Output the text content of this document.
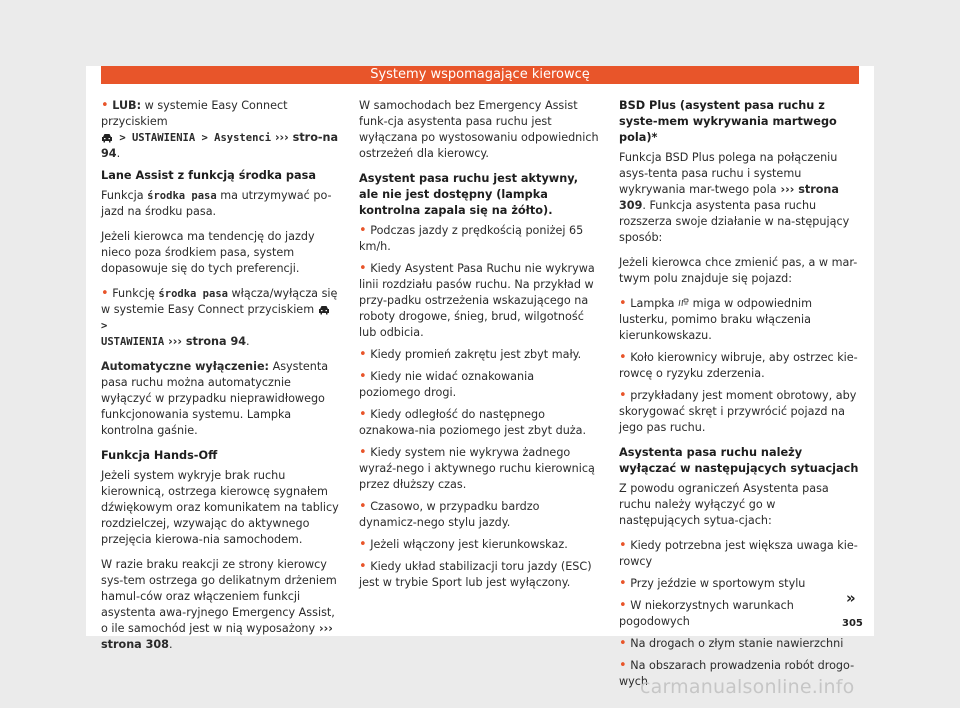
Systemy wspomagające kierowcę

• LUB: w systemie Easy Connect przyciskiem
> USTAWIENIA > Asystenci ››› stro-na 94.

Lane Assist z funkcją środka pasa

Funkcja środka pasa ma utrzymywać po-jazd na środku pasa.

Jeżeli kierowca ma tendencję do jazdy nieco poza środkiem pasa, system dopasowuje się do tych preferencji.

• Funkcję środka pasa włącza/wyłącza się w systemie Easy Connect przyciskiem  >
USTAWIENIA ››› strona 94.

Automatyczne wyłączenie: Asystenta pasa ruchu można automatycznie wyłączyć w przypadku nieprawidłowego funkcjonowania systemu. Lampka kontrolna gaśnie.

Funkcja Hands-Off

Jeżeli system wykryje brak ruchu kierownicą, ostrzega kierowcę sygnałem dźwiękowym oraz komunikatem na tablicy rozdzielczej, wzywając do aktywnego przejęcia kierowa-nia samochodem.

W razie braku reakcji ze strony kierowcy sys-tem ostrzega go delikatnym drżeniem hamul-ców oraz włączeniem funkcji asystenta awa-ryjnego Emergency Assist, o ile samochód jest w nią wyposażony ››› strona 308.

W samochodach bez Emergency Assist funk-cja asystenta pasa ruchu jest wyłączana po wystosowaniu odpowiednich ostrzeżeń dla kierowcy.

Asystent pasa ruchu jest aktywny, ale nie jest dostępny (lampka kontrolna zapala się na żółto).

• Podczas jazdy z prędkością poniżej 65 km/h.

• Kiedy Asystent Pasa Ruchu nie wykrywa linii rozdziału pasów ruchu. Na przykład w przy-padku ostrzeżenia wskazującego na roboty drogowe, śnieg, brud, wilgotność lub odbicia.

• Kiedy promień zakrętu jest zbyt mały.

• Kiedy nie widać oznakowania poziomego drogi.

• Kiedy odległość do następnego oznakowa-nia poziomego jest zbyt duża.

• Kiedy system nie wykrywa żadnego wyraź-nego i aktywnego ruchu kierownicą przez dłuższy czas.

• Czasowo, w przypadku bardzo dynamicz-nego stylu jazdy.

• Jeżeli włączony jest kierunkowskaz.

• Kiedy układ stabilizacji toru jazdy (ESC) jest w trybie Sport lub jest wyłączony.

BSD Plus (asystent pasa ruchu z syste-mem wykrywania martwego pola)*

Funkcja BSD Plus polega na połączeniu asys-tenta pasa ruchu i systemu wykrywania mar-twego pola ››› strona 309. Funkcja asystenta pasa ruchu rozszerza swoje działanie w na-stępujący sposób:

Jeżeli kierowca chce zmienić pas, a w mar-twym polu znajduje się pojazd:

• Lampka  miga w odpowiednim lusterku, pomimo braku włączenia kierunkowskazu.

• Koło kierownicy wibruje, aby ostrzec kie-rowcę o ryzyku zderzenia.

• przykładany jest moment obrotowy, aby skorygować skręt i przywrócić pojazd na jego pas ruchu.

Asystenta pasa ruchu należy wyłączać w następujących sytuacjach

Z powodu ograniczeń Asystenta pasa ruchu należy wyłączyć go w następujących sytua-cjach:

• Kiedy potrzebna jest większa uwaga kie-rowcy

• Przy jeździe w sportowym stylu

• W niekorzystnych warunkach pogodowych

• Na drogach o złym stanie nawierzchni

• Na obszarach prowadzenia robót drogo-wych

»
305
carmanualsonline.info
